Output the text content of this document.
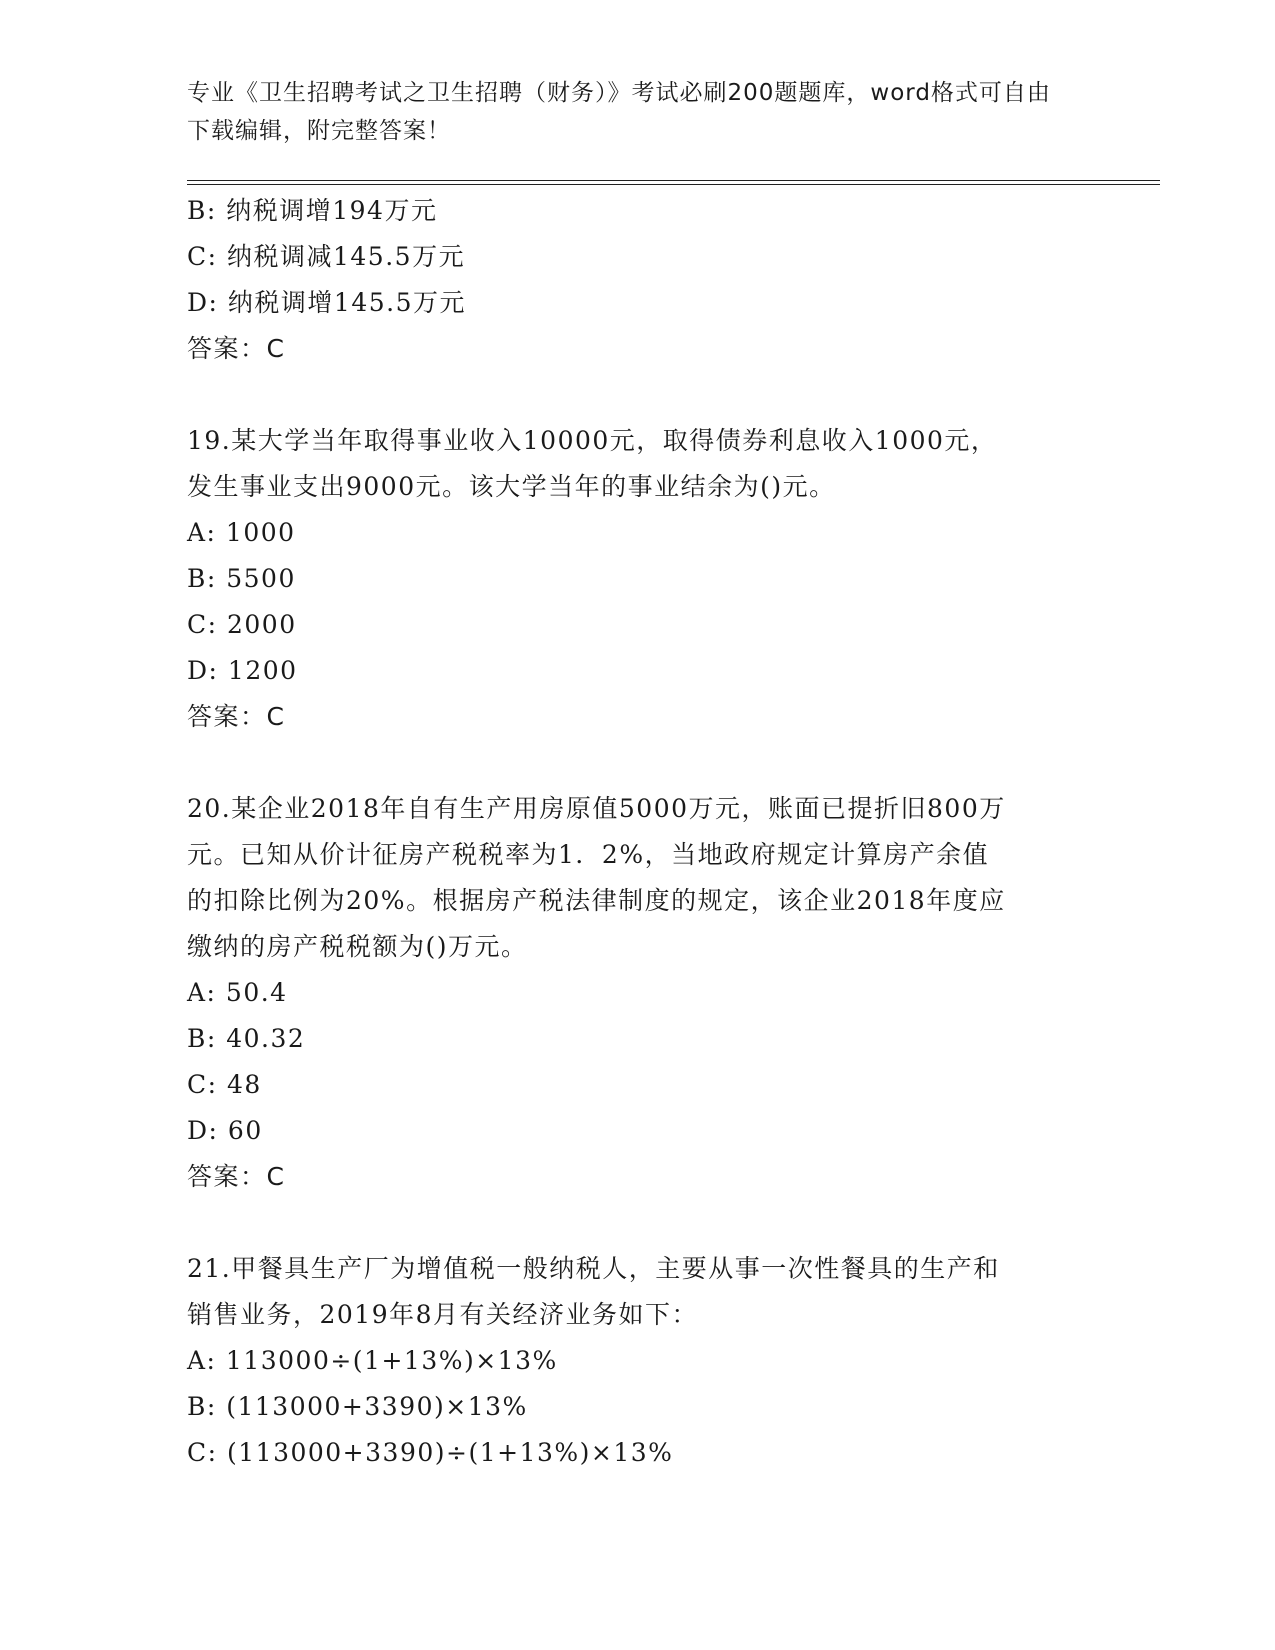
专业《卫生招聘考试之卫生招聘（财务）》考试必刷200题题库，word格式可自由下载编辑，附完整答案！
B: 纳税调增194万元
C: 纳税调减145.5万元
D: 纳税调增145.5万元
答案：C
19.某大学当年取得事业收入10000元，取得债券利息收入1000元，
发生事业支出9000元。该大学当年的事业结余为()元。
A: 1000
B: 5500
C: 2000
D: 1200
答案：C
20.某企业2018年自有生产用房原值5000万元，账面已提折旧800万
元。已知从价计征房产税税率为1．2%，当地政府规定计算房产余值
的扣除比例为20%。根据房产税法律制度的规定，该企业2018年度应
缴纳的房产税税额为()万元。
A: 50.4
B: 40.32
C: 48
D: 60
答案：C
21.甲餐具生产厂为增值税一般纳税人，主要从事一次性餐具的生产和
销售业务，2019年8月有关经济业务如下：
A: 113000÷(1+13%)×13%
B: (113000+3390)×13%
C: (113000+3390)÷(1+13%)×13%
